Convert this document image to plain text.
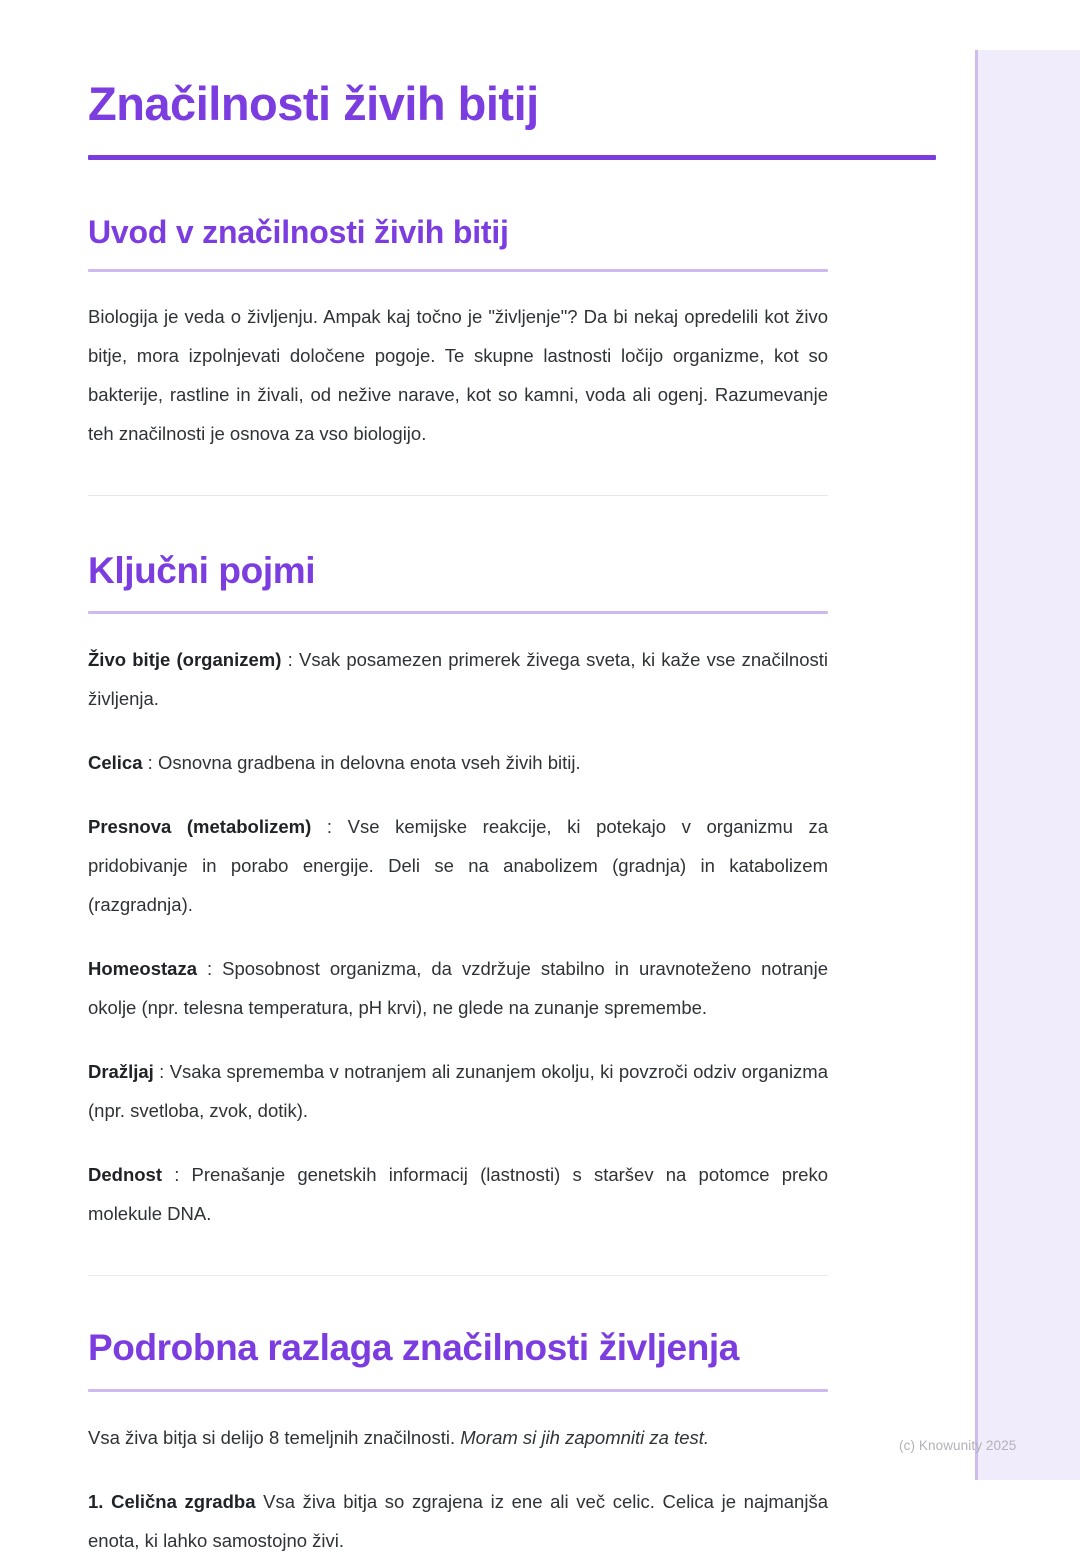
Značilnosti živih bitij
Uvod v značilnosti živih bitij

Biologija je veda o življenju. Ampak kaj točno je "življenje"? Da bi nekaj opredelili kot živo bitje, mora izpolnjevati določene pogoje. Te skupne lastnosti ločijo organizme, kot so bakterije, rastline in živali, od nežive narave, kot so kamni, voda ali ogenj. Razumevanje teh značilnosti je osnova za vso biologijo.

Ključni pojmi

Živo bitje (organizem) : Vsak posamezen primerek živega sveta, ki kaže vse značilnosti življenja.

Celica : Osnovna gradbena in delovna enota vseh živih bitij.

Presnova (metabolizem) : Vse kemijske reakcije, ki potekajo v organizmu za pridobivanje in porabo energije. Deli se na anabolizem (gradnja) in katabolizem (razgradnja).

Homeostaza : Sposobnost organizma, da vzdržuje stabilno in uravnoteženo notranje okolje (npr. telesna temperatura, pH krvi), ne glede na zunanje spremembe.

Dražljaj : Vsaka sprememba v notranjem ali zunanjem okolju, ki povzroči odziv organizma (npr. svetloba, zvok, dotik).

Dednost : Prenašanje genetskih informacij (lastnosti) s staršev na potomce preko molekule DNA.

Podrobna razlaga značilnosti življenja

Vsa živa bitja si delijo 8 temeljnih značilnosti. Moram si jih zapomniti za test.

1. Celična zgradba Vsa živa bitja so zgrajena iz ene ali več celic. Celica je najmanjša enota, ki lahko samostojno živi.

(c) Knowunity 2025
